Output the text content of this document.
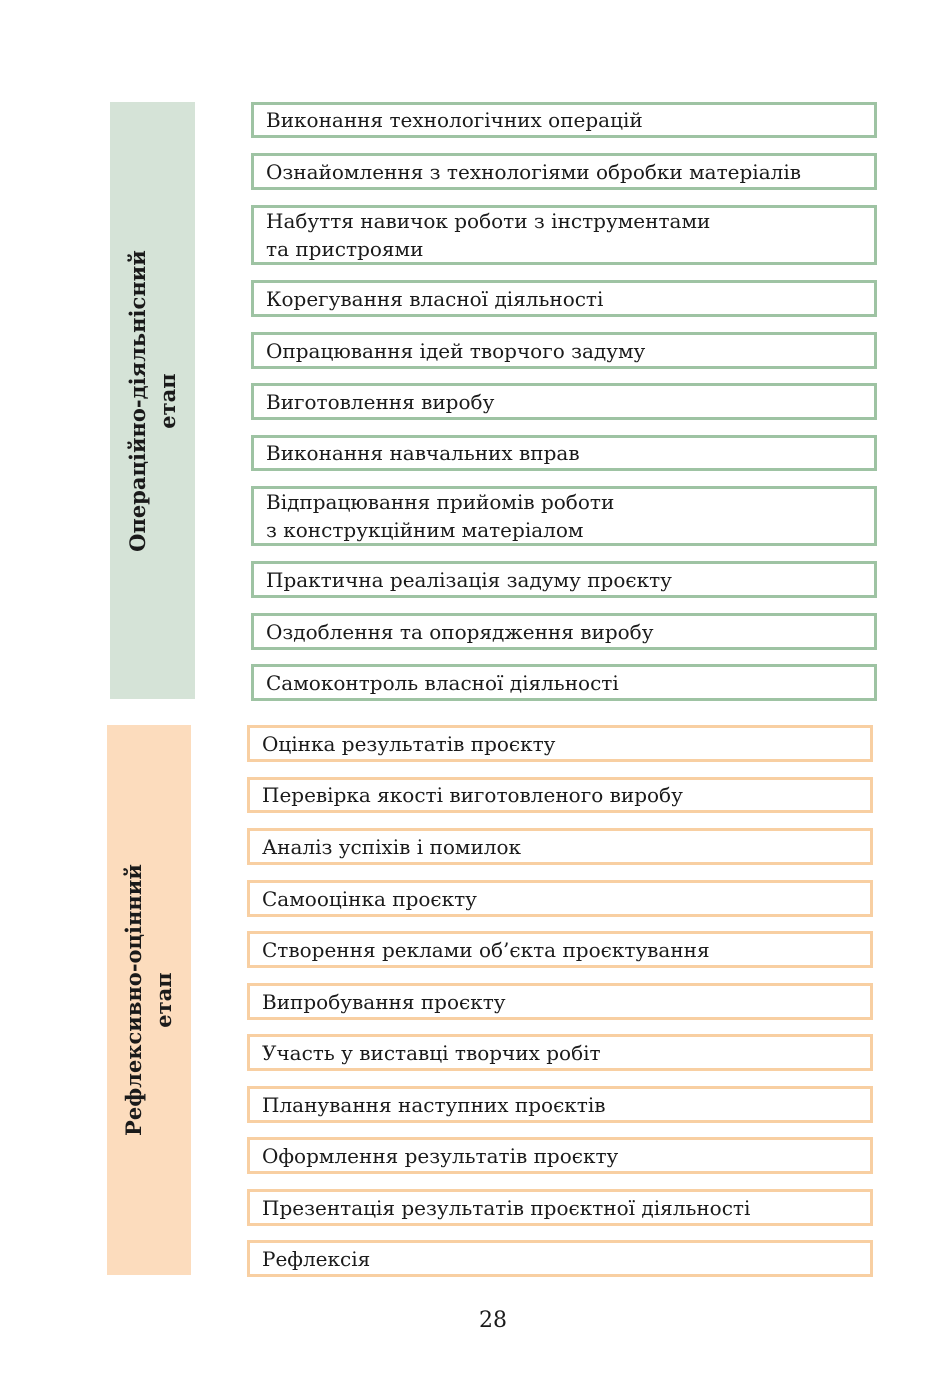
Операційно-діяльнісний етап
Виконання технологічних операцій
Ознайомлення з технологіями обробки матеріалів
Набуття навичок роботи з інструментами
та пристроями
Корегування власної діяльності
Опрацювання ідей творчого задуму
Виготовлення виробу
Виконання навчальних вправ
Відпрацювання прийомів роботи
з конструкційним матеріалом
Практична реалізація задуму проєкту
Оздоблення та опорядження виробу
Самоконтроль власної діяльності
Рефлексивно-оцінний етап
Оцінка результатів проєкту
Перевірка якості виготовленого виробу
Аналіз успіхів і помилок
Самооцінка проєкту
Створення реклами об’єкта проєктування
Випробування проєкту
Участь у виставці творчих робіт
Планування наступних проєктів
Оформлення результатів проєкту
Презентація результатів проєктної діяльності
Рефлексія
28
